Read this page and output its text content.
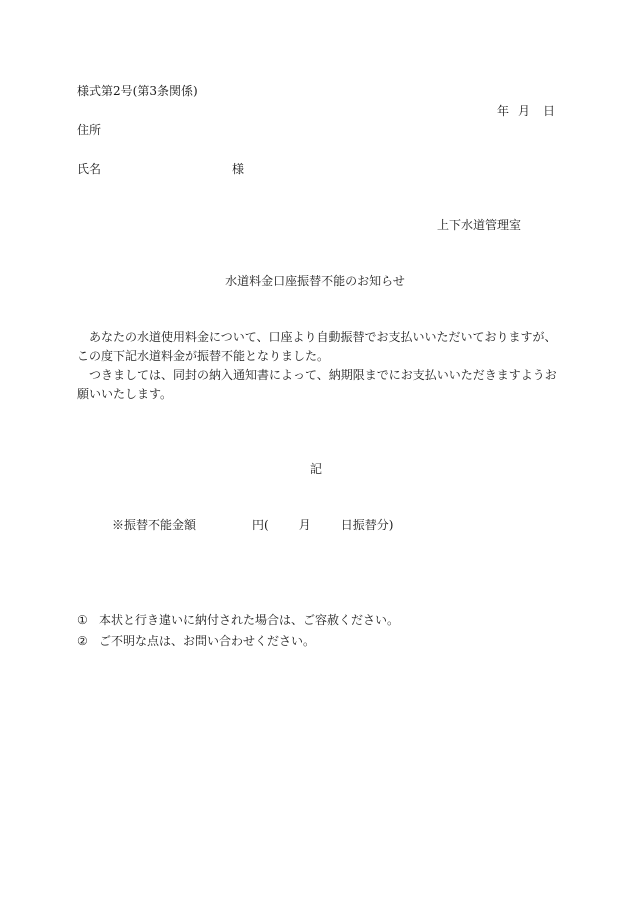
様式第2号(第3条関係)
年 月 日
住所
氏名	様
上下水道管理室
水道料金口座振替不能のお知らせ
あなたの水道使用料金について、口座より自動振替でお支払いいただいておりますが、この度下記水道料金が振替不能となりました。
つきましては、同封の納入通知書によって、納期限までにお支払いいただきますようお願いいたします。
記
※振替不能金額	円(	月	日振替分)
① 本状と行き違いに納付された場合は、ご容赦ください。
② ご不明な点は、お問い合わせください。
